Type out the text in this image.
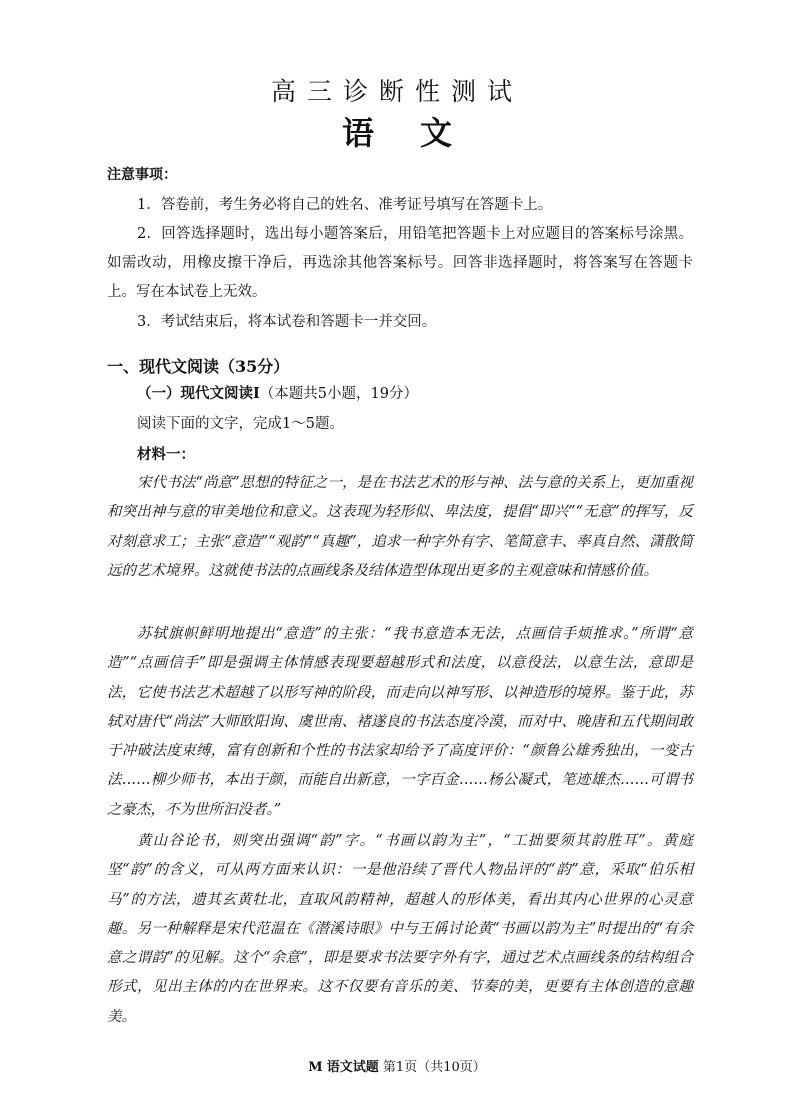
高三诊断性测试
语文
注意事项：
1．答卷前，考生务必将自己的姓名、准考证号填写在答题卡上。
2．回答选择题时，选出每小题答案后，用铅笔把答题卡上对应题目的答案标号涂黑。如需改动，用橡皮擦干净后，再选涂其他答案标号。回答非选择题时，将答案写在答题卡上。写在本试卷上无效。
3．考试结束后，将本试卷和答题卡一并交回。
一、现代文阅读（35分）
（一）现代文阅读Ⅰ（本题共5小题，19分）
阅读下面的文字，完成1～5题。
材料一：
宋代书法“尚意”思想的特征之一，是在书法艺术的形与神、法与意的关系上，更加重视和突出神与意的审美地位和意义。这表现为轻形似、卑法度，提倡“即兴”“无意”的挥写，反对刻意求工；主张“意造”“观韵”“真趣”，追求一种字外有字、笔简意丰、率真自然、潇散简远的艺术境界。这就使书法的点画线条及结体造型体现出更多的主观意味和情感价值。
苏轼旗帜鲜明地提出“意造”的主张：“我书意造本无法，点画信手烦推求。”所谓“意造”“点画信手”即是强调主体情感表现要超越形式和法度，以意役法，以意生法，意即是法，它使书法艺术超越了以形写神的阶段，而走向以神写形、以神造形的境界。鉴于此，苏轼对唐代“尚法”大师欧阳询、虞世南、褚遂良的书法态度冷漠，而对中、晚唐和五代期间敢于冲破法度束缚，富有创新和个性的书法家却给予了高度评价：“颜鲁公雄秀独出，一变古法……柳少师书，本出于颜，而能自出新意，一字百金……杨公凝式，笔迹雄杰……可谓书之豪杰，不为世所汩没者。”
黄山谷论书，则突出强调“韵”字。“书画以韵为主”，“工拙要须其韵胜耳”。黄庭坚“韵”的含义，可从两方面来认识：一是他沿续了晋代人物品评的“韵”意，采取“伯乐相马”的方法，遗其玄黄牡北，直取风韵精神，超越人的形体美，看出其内心世界的心灵意趣。另一种解释是宋代范温在《潜溪诗眼》中与王偁讨论黄“书画以韵为主”时提出的“有余意之谓韵”的见解。这个“余意”，即是要求书法要字外有字，通过艺术点画线条的结构组合形式，见出主体的内在世界来。这不仅要有音乐的美、节奏的美，更要有主体创造的意趣美。
M 语文试题 第1页（共10页）
